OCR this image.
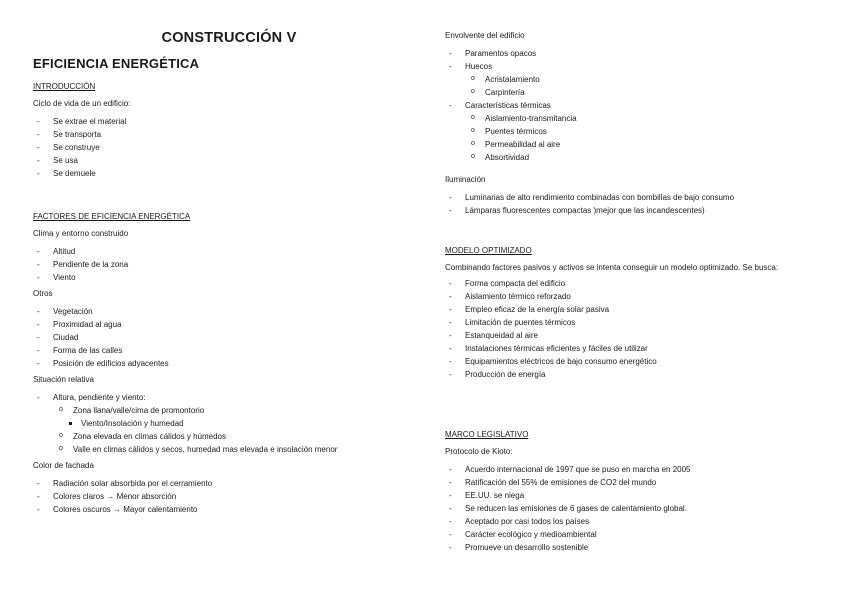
CONSTRUCCIÓN V
EFICIENCIA ENERGÉTICA

INTRODUCCIÓN

Ciclo de vida de un edificio:

- Se extrae el material
- Se transporta
- Se construye
- Se usa
- Se demuele

FACTORES DE EFICIENCIA ENERGÉTICA

Clima y entorno construido

- Altitud
- Pendiente de la zona
- Viento

Otros

- Vegetación
- Proximidad al agua
- Ciudad
- Forma de las calles
- Posición de edificios adyacentes

Situación relativa

- Altura, pendiente y viento:
o Zona llana/valle/cima de promontorio
Viento/Insolación y humedad
o Zona elevada en climas cálidos y húmedos
o Valle en climas cálidos y secos, humedad mas elevada e insolación menor

Color de fachada

- Radiación solar absorbida por el cerramiento
- Colores claros → Menor absorción
- Colores oscuros → Mayor calentamiento

Envolvente del edificio

- Paramentos opacos
- Huecos
o Acristalamiento
o Carpintería
- Características térmicas
o Aislamiento-transmitancia
o Puentes térmicos
o Permeabilidad al aire
o Absortividad

Iluminación

- Luminarias de alto rendimiento combinadas con bombillas de bajo consumo
- Lámparas fluorescentes compactas )mejor que las incandescentes)

MODELO OPTIMIZADO

Combinando factores pasivos y activos se intenta conseguir un modelo optimizado. Se busca:

- Forma compacta del edificio
- Aislamiento térmico reforzado
- Empleo eficaz de la energía solar pasiva
- Limitación de puentes térmicos
- Estanqueidad al aire
- Instalaciones térmicas eficientes y fáciles de utilizar
- Equipamientos eléctricos de bajo consumo energético
- Producción de energía

MARCO LEGISLATIVO

Protocolo de Kioto:

- Acuerdo internacional de 1997 que se puso en marcha en 2005
- Ratificación del 55% de emisiones de CO2 del mundo
- EE.UU. se niega
- Se reducen las emisiones de 6 gases de calentamiento global.
- Aceptado por casi todos los países
- Carácter ecológico y medioambiental
- Promueve un desarrollo sostenible
